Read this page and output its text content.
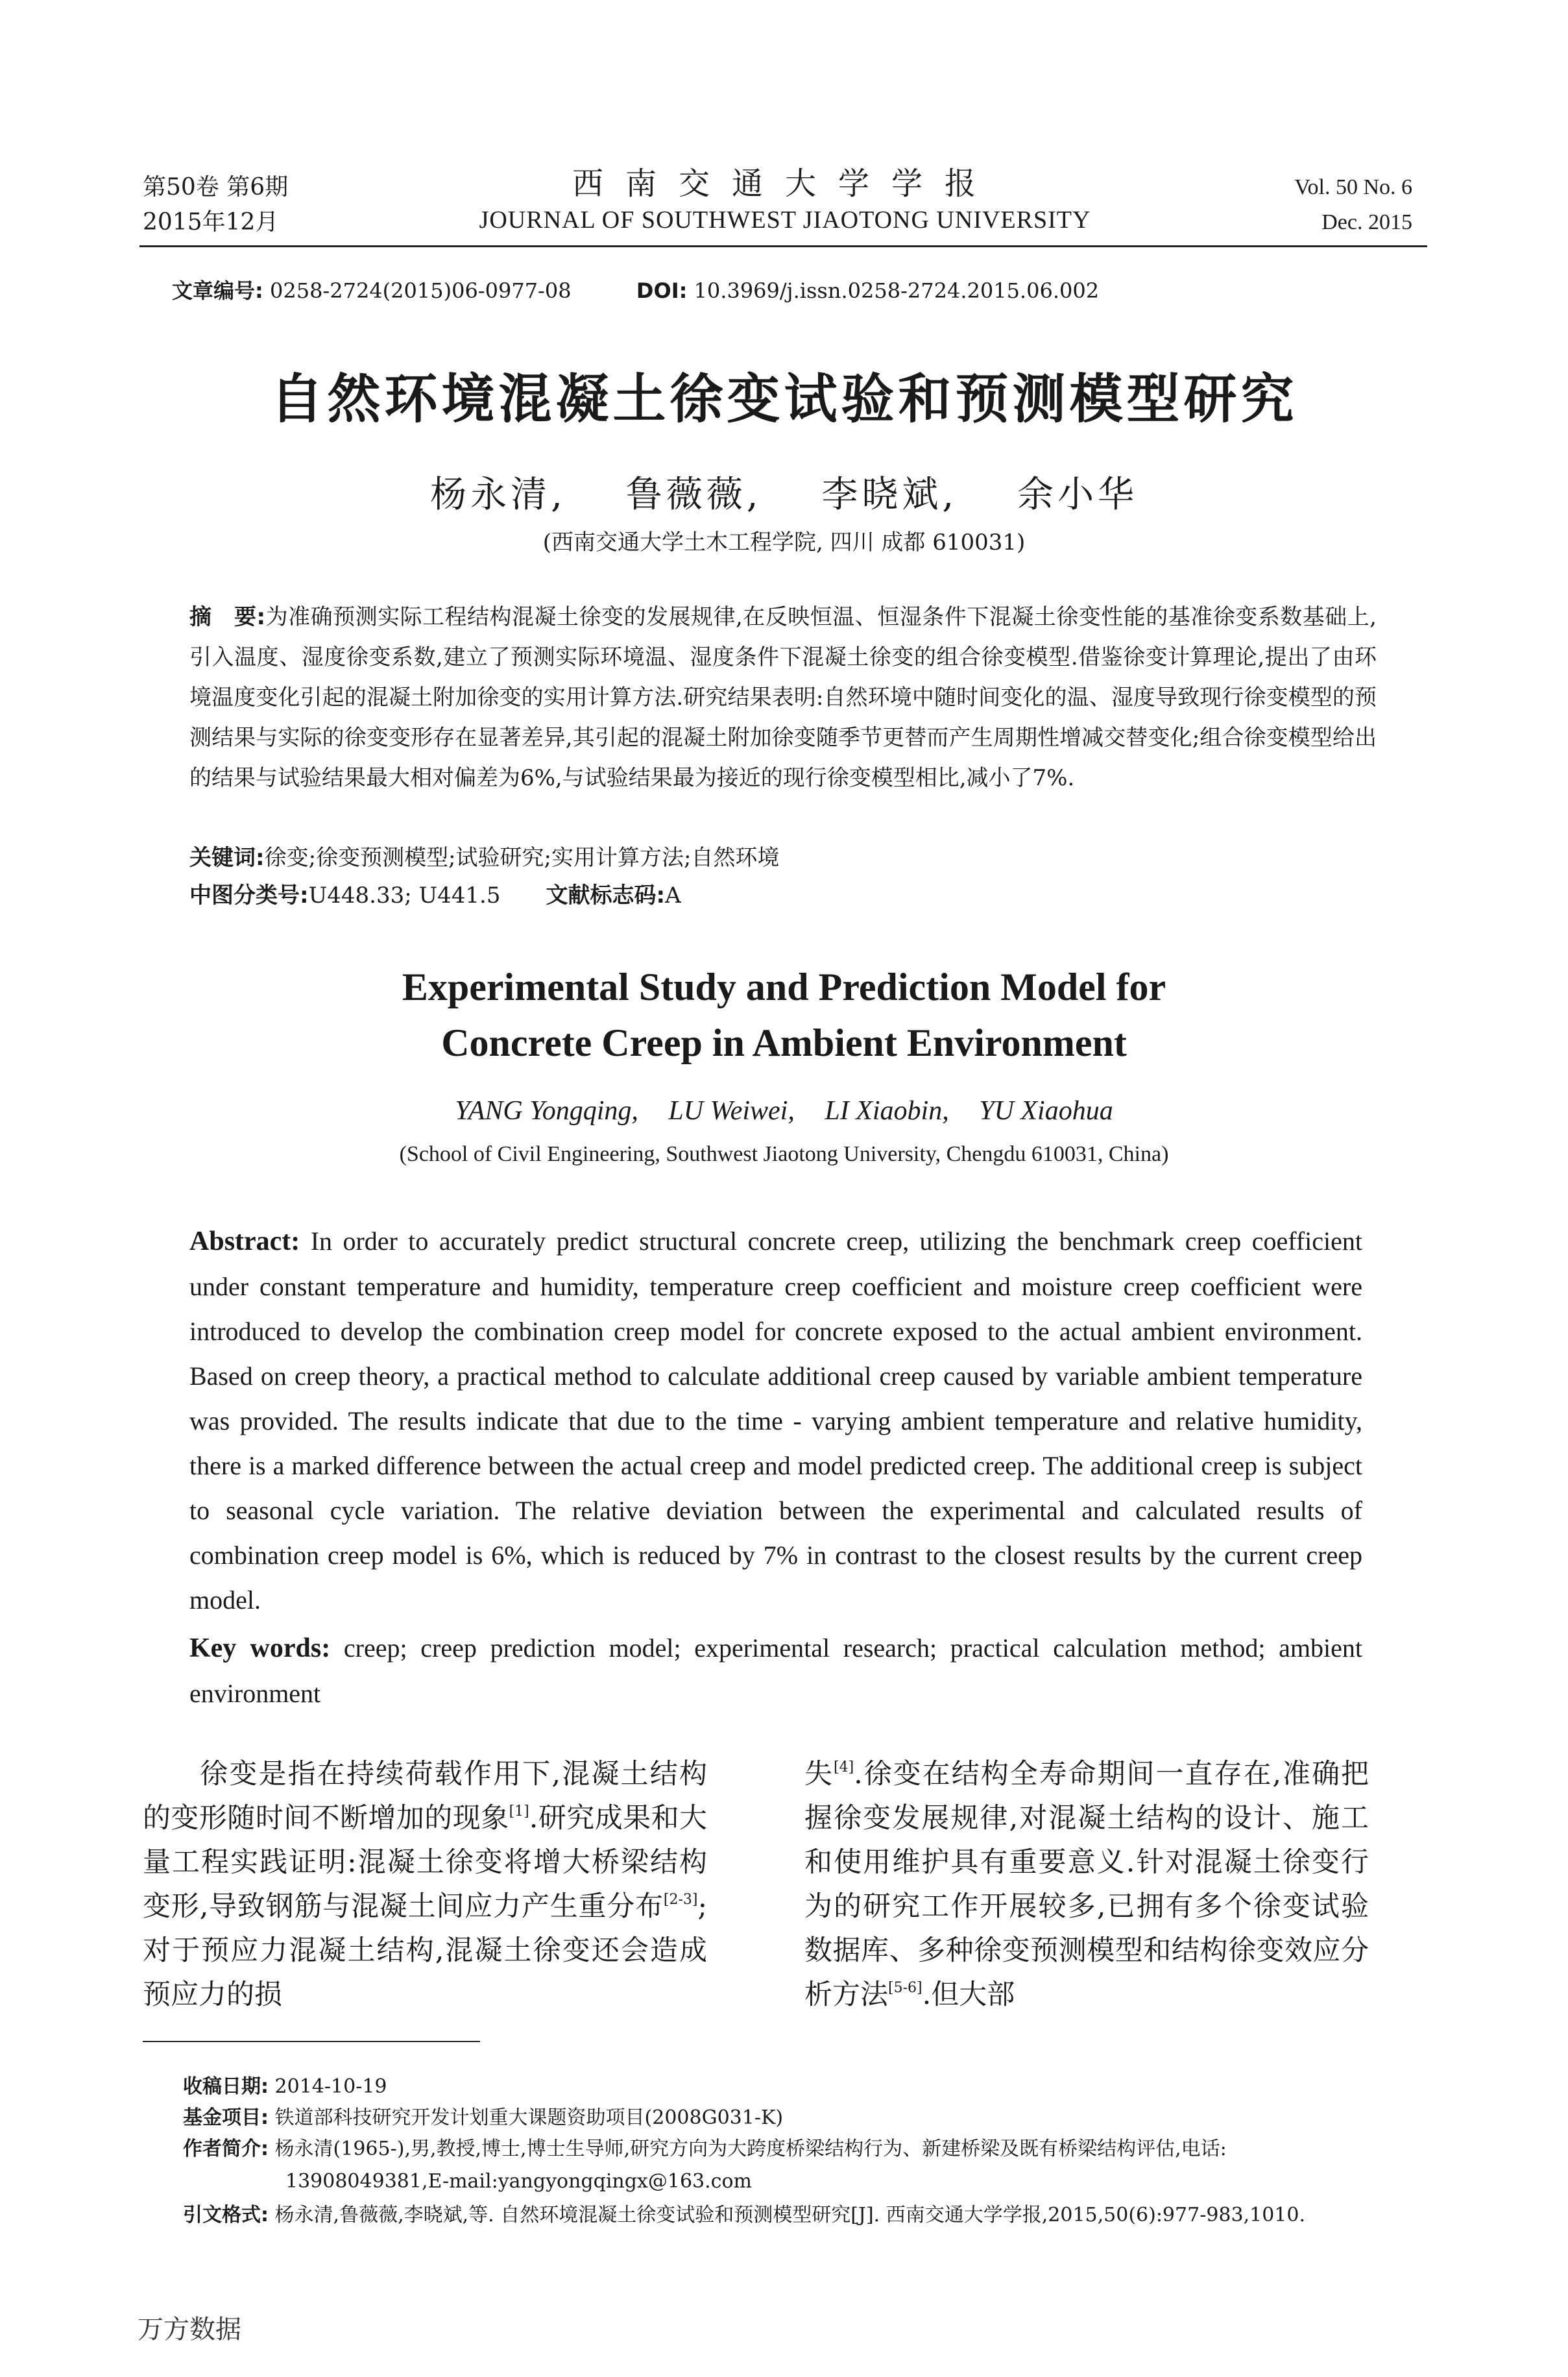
第50卷 第6期
2015年12月
西南交通大学学报
JOURNAL OF SOUTHWEST JIAOTONG UNIVERSITY
Vol. 50 No. 6
Dec. 2015
文章编号: 0258-2724(2015)06-0977-08	DOI: 10.3969/j.issn.0258-2724.2015.06.002
自然环境混凝土徐变试验和预测模型研究
杨永清, 鲁薇薇, 李晓斌, 余小华
(西南交通大学土木工程学院, 四川 成都 610031)
摘　要:为准确预测实际工程结构混凝土徐变的发展规律,在反映恒温、恒湿条件下混凝土徐变性能的基准徐变系数基础上,引入温度、湿度徐变系数,建立了预测实际环境温、湿度条件下混凝土徐变的组合徐变模型.借鉴徐变计算理论,提出了由环境温度变化引起的混凝土附加徐变的实用计算方法.研究结果表明:自然环境中随时间变化的温、湿度导致现行徐变模型的预测结果与实际的徐变变形存在显著差异,其引起的混凝土附加徐变随季节更替而产生周期性增减交替变化;组合徐变模型给出的结果与试验结果最大相对偏差为6%,与试验结果最为接近的现行徐变模型相比,减小了7%.
关键词:徐变;徐变预测模型;试验研究;实用计算方法;自然环境
中图分类号:U448.33; U441.5 文献标志码:A
Experimental Study and Prediction Model for
Concrete Creep in Ambient Environment
YANG Yongqing, LU Weiwei, LI Xiaobin, YU Xiaohua
(School of Civil Engineering, Southwest Jiaotong University, Chengdu 610031, China)
Abstract: In order to accurately predict structural concrete creep, utilizing the benchmark creep coefficient under constant temperature and humidity, temperature creep coefficient and moisture creep coefficient were introduced to develop the combination creep model for concrete exposed to the actual ambient environment. Based on creep theory, a practical method to calculate additional creep caused by variable ambient temperature was provided. The results indicate that due to the time - varying ambient temperature and relative humidity, there is a marked difference between the actual creep and model predicted creep. The additional creep is subject to seasonal cycle variation. The relative deviation between the experimental and calculated results of combination creep model is 6%, which is reduced by 7% in contrast to the closest results by the current creep model.
Key words: creep; creep prediction model; experimental research; practical calculation method; ambient environment
徐变是指在持续荷载作用下,混凝土结构的变形随时间不断增加的现象[1].研究成果和大量工程实践证明:混凝土徐变将增大桥梁结构变形,导致钢筋与混凝土间应力产生重分布[2-3];对于预应力混凝土结构,混凝土徐变还会造成预应力的损
失[4].徐变在结构全寿命期间一直存在,准确把握徐变发展规律,对混凝土结构的设计、施工和使用维护具有重要意义.针对混凝土徐变行为的研究工作开展较多,已拥有多个徐变试验数据库、多种徐变预测模型和结构徐变效应分析方法[5-6].但大部
收稿日期: 2014-10-19
基金项目: 铁道部科技研究开发计划重大课题资助项目(2008G031-K)
作者简介: 杨永清(1965-),男,教授,博士,博士生导师,研究方向为大跨度桥梁结构行为、新建桥梁及既有桥梁结构评估,电话:
13908049381,E-mail:yangyongqingx@163.com
引文格式: 杨永清,鲁薇薇,李晓斌,等. 自然环境混凝土徐变试验和预测模型研究[J]. 西南交通大学学报,2015,50(6):977-983,1010.
万方数据
